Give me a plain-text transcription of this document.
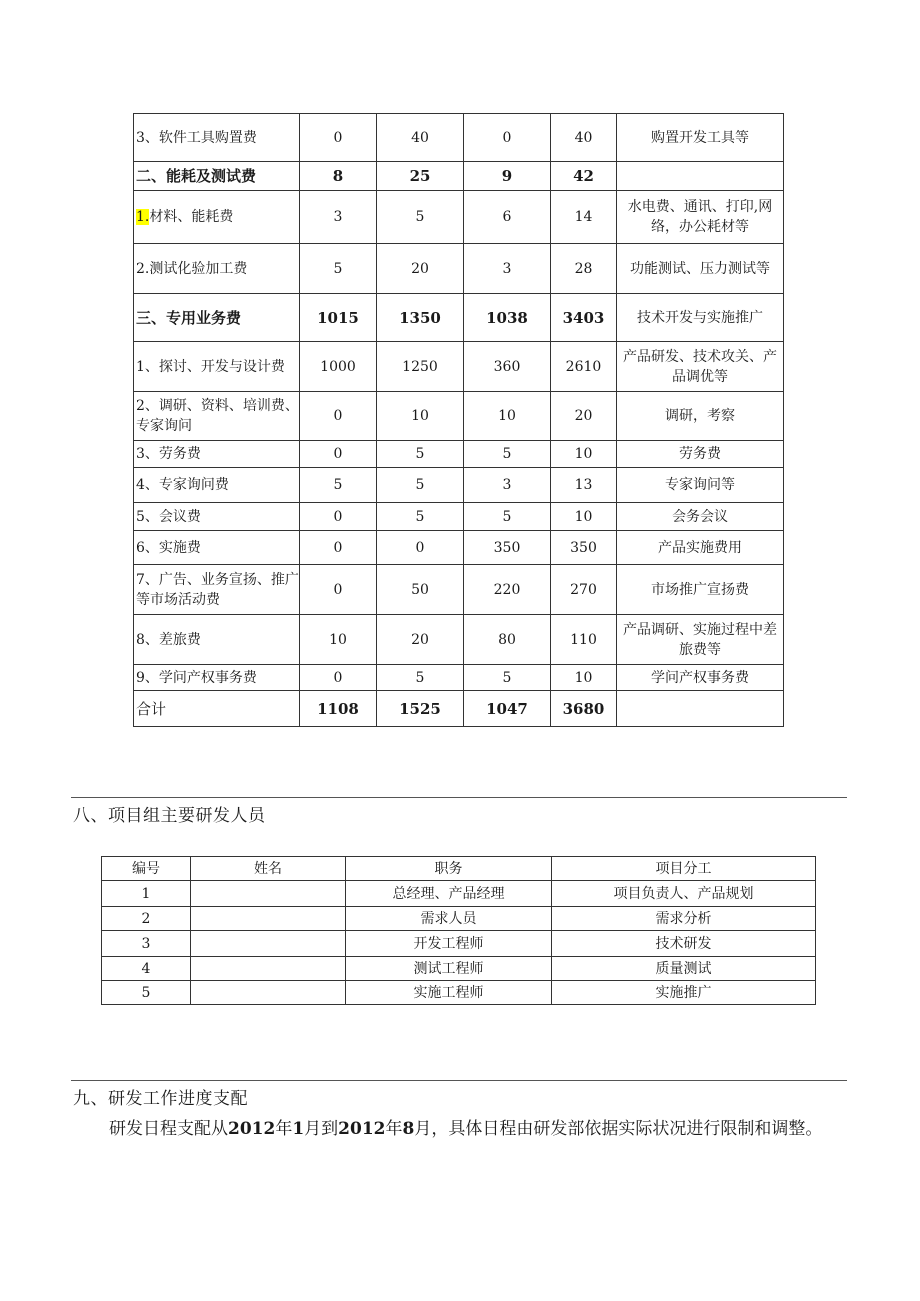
3、软件工具购置费	0	40	0	40	购置开发工具等
二、能耗及测试费	8	25	9	42	
1.材料、能耗费	3	5	6	14	水电费、通讯、打印,网络，办公耗材等
2.测试化验加工费	5	20	3	28	功能测试、压力测试等
三、专用业务费	1015	1350	1038	3403	技术开发与实施推广
1、探讨、开发与设计费	1000	1250	360	2610	产品研发、技术攻关、产品调优等
2、调研、资料、培训费、专家询问	0	10	10	20	调研，考察
3、劳务费	0	5	5	10	劳务费
4、专家询问费	5	5	3	13	专家询问等
5、会议费	0	5	5	10	会务会议
6、实施费	0	0	350	350	产品实施费用
7、广告、业务宣扬、推广等市场活动费	0	50	220	270	市场推广宣扬费
8、差旅费	10	20	80	110	产品调研、实施过程中差旅费等
9、学问产权事务费	0	5	5	10	学问产权事务费
合计	1108	1525	1047	3680	
八、项目组主要研发人员
编号	姓名	职务	项目分工
1		总经理、产品经理	项目负责人、产品规划
2		需求人员	需求分析
3		开发工程师	技术研发
4		测试工程师	质量测试
5		实施工程师	实施推广
九、研发工作进度支配
研发日程支配从2012年1月到2012年8月，具体日程由研发部依据实际状况进行限制和调整。
